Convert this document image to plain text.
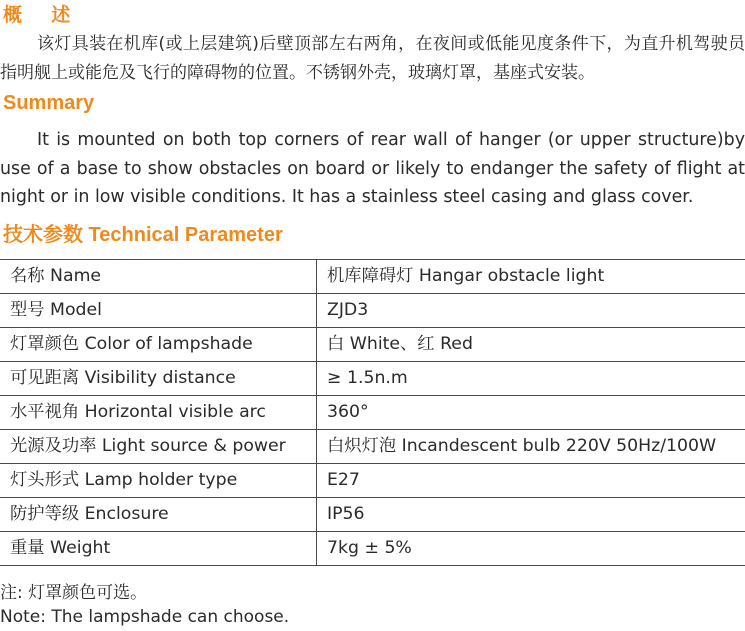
概 述

该灯具装在机库(或上层建筑)后壁顶部左右两角，在夜间或低能见度条件下，为直升机驾驶员指明舰上或能危及飞行的障碍物的位置。不锈钢外壳，玻璃灯罩，基座式安装。

Summary

It is mounted on both top corners of rear wall of hanger (or upper structure)by use of a base to show obstacles on board or likely to endanger the safety of flight at night or in low visible conditions. It has a stainless steel casing and glass cover.

技术参数 Technical Parameter
名称 Name	机库障碍灯 Hangar obstacle light
型号 Model	ZJD3
灯罩颜色 Color of lampshade	白 White、红 Red
可见距离 Visibility distance	≥ 1.5n.m
水平视角 Horizontal visible arc	360°
光源及功率 Light source & power	白炽灯泡 Incandescent bulb 220V 50Hz/100W
灯头形式 Lamp holder type	E27
防护等级 Enclosure	IP56
重量 Weight	7kg ± 5%
注: 灯罩颜色可选。
Note: The lampshade can choose.
